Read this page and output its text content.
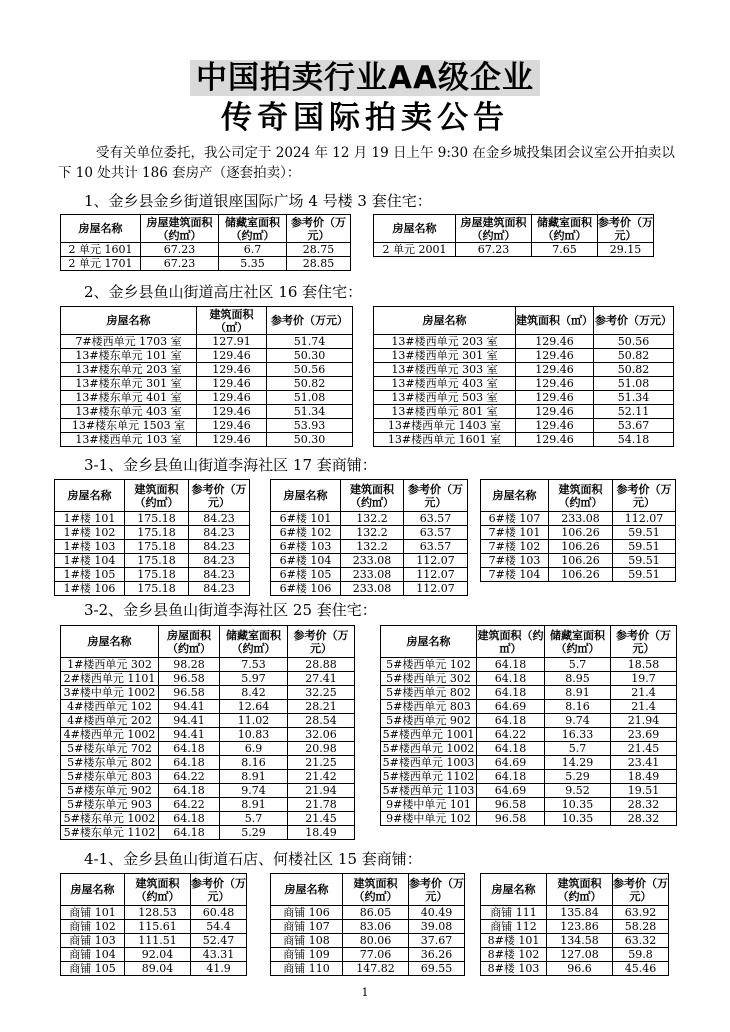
中国拍卖行业AA级企业
传奇国际拍卖公告

受有关单位委托，我公司定于 2024 年 12 月 19 日上午 9:30 在金乡城投集团会议室公开拍卖以下 10 处共计 186 套房产（逐套拍卖）：

1、金乡县金乡街道银座国际广场 4 号楼 3 套住宅：
2、金乡县鱼山街道高庄社区 16 套住宅：
3-1、金乡县鱼山街道李海社区 17 套商铺：
3-2、金乡县鱼山街道李海社区 25 套住宅：
4-1、金乡县鱼山街道石店、何楼社区 15 套商铺：
1
房屋名称	房屋建筑面积（约㎡）	储藏室面积（约㎡）	参考价（万元）
2 单元 1601	67.23	6.7	28.75
2 单元 1701	67.23	5.35	28.85
房屋名称	房屋建筑面积（约㎡）	储藏室面积（约㎡）	参考价（万元）
2 单元 2001	67.23	7.65	29.15
房屋名称	建筑面积（㎡）	参考价（万元）
7#楼西单元 1703 室	127.91	51.74
13#楼东单元 101 室	129.46	50.30
13#楼东单元 203 室	129.46	50.56
13#楼东单元 301 室	129.46	50.82
13#楼东单元 401 室	129.46	51.08
13#楼东单元 403 室	129.46	51.34
13#楼东单元 1503 室	129.46	53.93
13#楼西单元 103 室	129.46	50.30
房屋名称	建筑面积（㎡）	参考价（万元）
13#楼西单元 203 室	129.46	50.56
13#楼西单元 301 室	129.46	50.82
13#楼西单元 303 室	129.46	50.82
13#楼西单元 403 室	129.46	51.08
13#楼西单元 503 室	129.46	51.34
13#楼西单元 801 室	129.46	52.11
13#楼西单元 1403 室	129.46	53.67
13#楼西单元 1601 室	129.46	54.18
房屋名称	建筑面积（约㎡）	参考价（万元）
1#楼 101	175.18	84.23
1#楼 102	175.18	84.23
1#楼 103	175.18	84.23
1#楼 104	175.18	84.23
1#楼 105	175.18	84.23
1#楼 106	175.18	84.23
房屋名称	建筑面积（约㎡）	参考价（万元）
6#楼 101	132.2	63.57
6#楼 102	132.2	63.57
6#楼 103	132.2	63.57
6#楼 104	233.08	112.07
6#楼 105	233.08	112.07
6#楼 106	233.08	112.07
房屋名称	建筑面积（约㎡）	参考价（万元）
6#楼 107	233.08	112.07
7#楼 101	106.26	59.51
7#楼 102	106.26	59.51
7#楼 103	106.26	59.51
7#楼 104	106.26	59.51
房屋名称	房屋面积（约㎡）	储藏室面积（约㎡）	参考价（万元）
1#楼西单元 302	98.28	7.53	28.88
2#楼西单元 1101	96.58	5.97	27.41
3#楼中单元 1002	96.58	8.42	32.25
4#楼西单元 102	94.41	12.64	28.21
4#楼西单元 202	94.41	11.02	28.54
4#楼西单元 1002	94.41	10.83	32.06
5#楼东单元 702	64.18	6.9	20.98
5#楼东单元 802	64.18	8.16	21.25
5#楼东单元 803	64.22	8.91	21.42
5#楼东单元 902	64.18	9.74	21.94
5#楼东单元 903	64.22	8.91	21.78
5#楼东单元 1002	64.18	5.7	21.45
5#楼东单元 1102	64.18	5.29	18.49
房屋名称	建筑面积（约㎡）	储藏室面积（约㎡）	参考价（万元）
5#楼西单元 102	64.18	5.7	18.58
5#楼西单元 302	64.18	8.95	19.7
5#楼西单元 802	64.18	8.91	21.4
5#楼西单元 803	64.69	8.16	21.4
5#楼西单元 902	64.18	9.74	21.94
5#楼西单元 1001	64.22	16.33	23.69
5#楼西单元 1002	64.18	5.7	21.45
5#楼西单元 1003	64.69	14.29	23.41
5#楼西单元 1102	64.18	5.29	18.49
5#楼西单元 1103	64.69	9.52	19.51
9#楼中单元 101	96.58	10.35	28.32
9#楼中单元 102	96.58	10.35	28.32
房屋名称	建筑面积（约㎡）	参考价（万元）
商铺 101	128.53	60.48
商铺 102	115.61	54.4
商铺 103	111.51	52.47
商铺 104	92.04	43.31
商铺 105	89.04	41.9
房屋名称	建筑面积（约㎡）	参考价（万元）
商铺 106	86.05	40.49
商铺 107	83.06	39.08
商铺 108	80.06	37.67
商铺 109	77.06	36.26
商铺 110	147.82	69.55
房屋名称	建筑面积（约㎡）	参考价（万元）
商铺 111	135.84	63.92
商铺 112	123.86	58.28
8#楼 101	134.58	63.32
8#楼 102	127.08	59.8
8#楼 103	96.6	45.46
